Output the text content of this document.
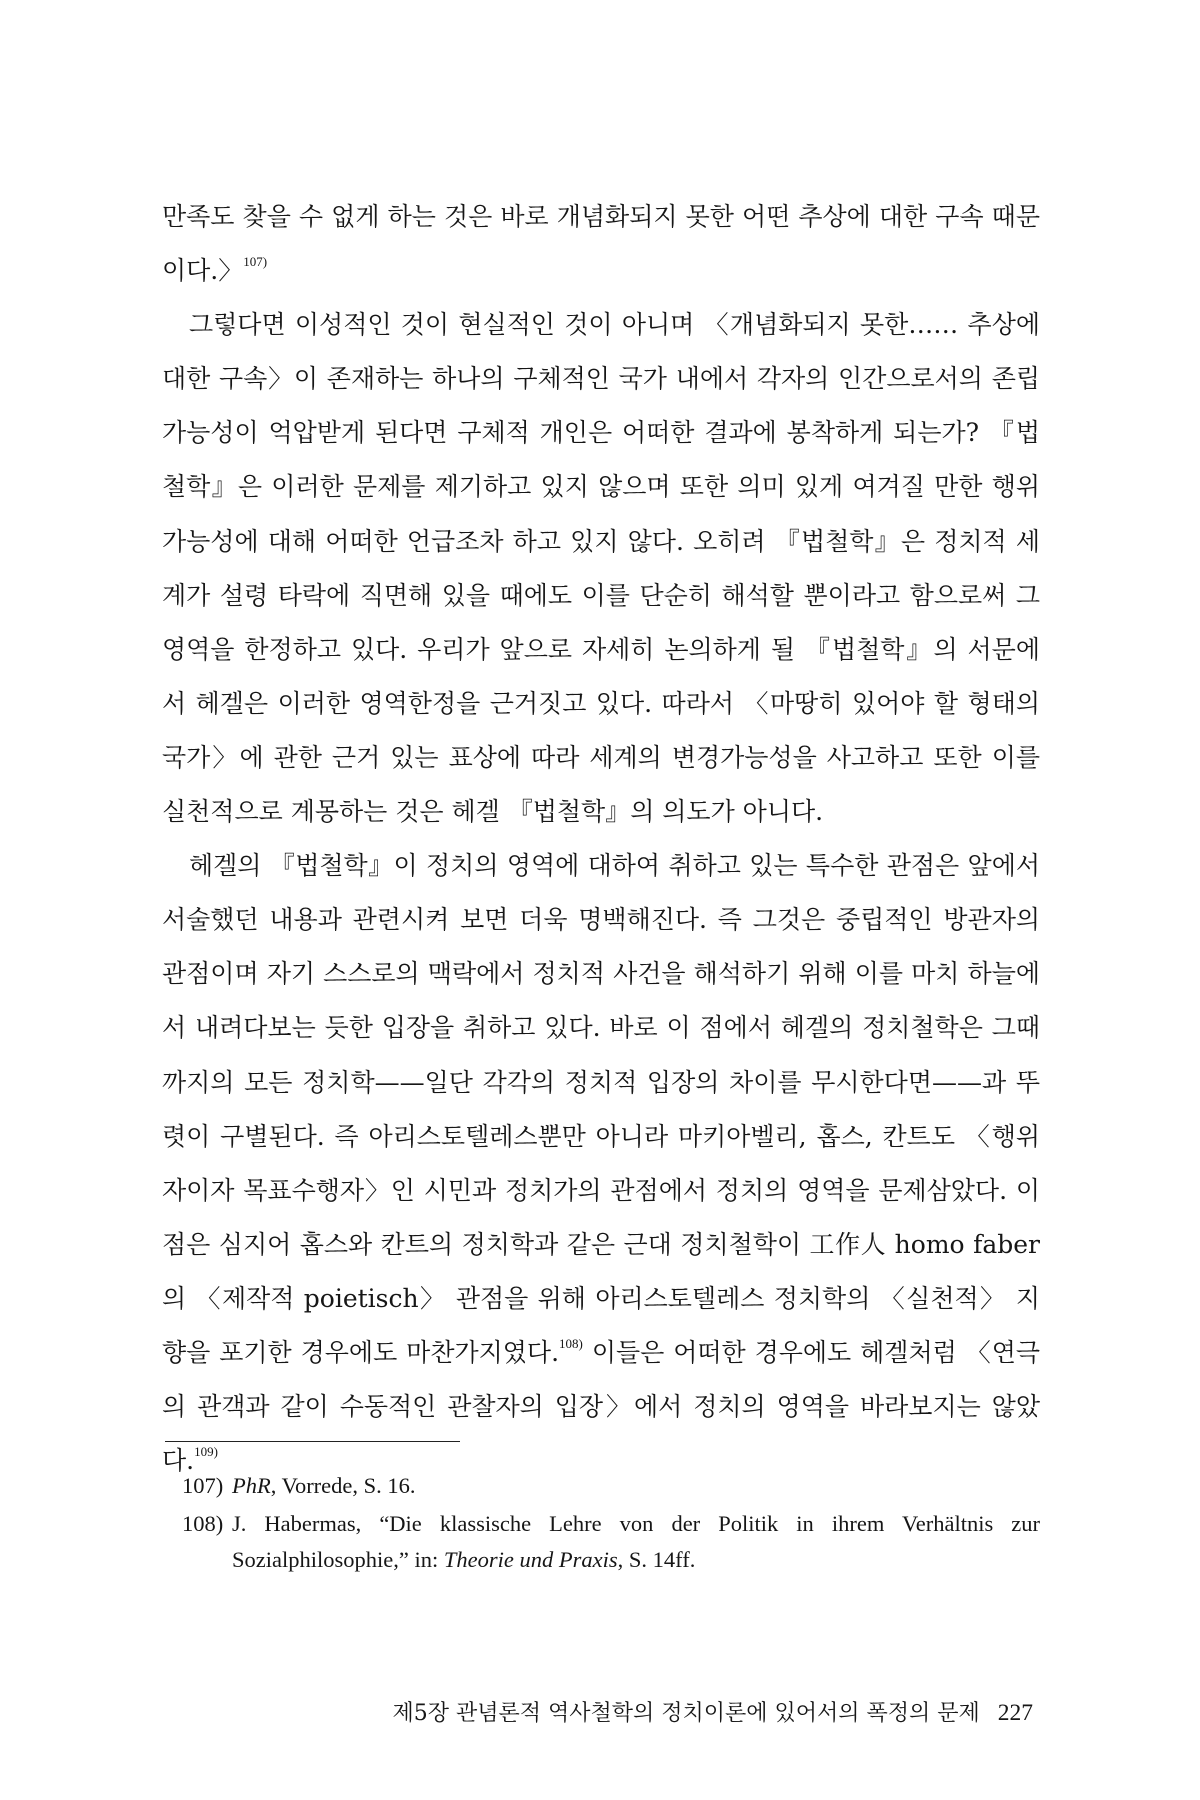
만족도 찾을 수 없게 하는 것은 바로 개념화되지 못한 어떤 추상에 대한 구속 때문이다.〉$^{107)}$

그렇다면 이성적인 것이 현실적인 것이 아니며 〈개념화되지 못한…… 추상에 대한 구속〉이 존재하는 하나의 구체적인 국가 내에서 각자의 인간으로서의 존립가능성이 억압받게 된다면 구체적 개인은 어떠한 결과에 봉착하게 되는가? 『법철학』은 이러한 문제를 제기하고 있지 않으며 또한 의미 있게 여겨질 만한 행위가능성에 대해 어떠한 언급조차 하고 있지 않다. 오히려 『법철학』은 정치적 세계가 설령 타락에 직면해 있을 때에도 이를 단순히 해석할 뿐이라고 함으로써 그 영역을 한정하고 있다. 우리가 앞으로 자세히 논의하게 될 『법철학』의 서문에서 헤겔은 이러한 영역한정을 근거짓고 있다. 따라서 〈마땅히 있어야 할 형태의 국가〉에 관한 근거 있는 표상에 따라 세계의 변경가능성을 사고하고 또한 이를 실천적으로 계몽하는 것은 헤겔 『법철학』의 의도가 아니다.

헤겔의 『법철학』이 정치의 영역에 대하여 취하고 있는 특수한 관점은 앞에서 서술했던 내용과 관련시켜 보면 더욱 명백해진다. 즉 그것은 중립적인 방관자의 관점이며 자기 스스로의 맥락에서 정치적 사건을 해석하기 위해 이를 마치 하늘에서 내려다보는 듯한 입장을 취하고 있다. 바로 이 점에서 헤겔의 정치철학은 그때까지의 모든 정치학——일단 각각의 정치적 입장의 차이를 무시한다면——과 뚜렷이 구별된다. 즉 아리스토텔레스뿐만 아니라 마키아벨리, 홉스, 칸트도 〈행위자이자 목표수행자〉인 시민과 정치가의 관점에서 정치의 영역을 문제삼았다. 이 점은 심지어 홉스와 칸트의 정치학과 같은 근대 정치철학이 工作人 homo faber의 〈제작적 poietisch〉 관점을 위해 아리스토텔레스 정치학의 〈실천적〉 지향을 포기한 경우에도 마찬가지였다.$^{108)}$ 이들은 어떠한 경우에도 헤겔처럼 〈연극의 관객과 같이 수동적인 관찰자의 입장〉에서 정치의 영역을 바라보지는 않았다.$^{109)}$

107) PhR, Vorrede, S. 16.
108) J. Habermas, “Die klassische Lehre von der Politik in ihrem Verhältnis zur Sozialphilosophie,” in: Theorie und Praxis, S. 14ff.
제5장 관념론적 역사철학의 정치이론에 있어서의 폭정의 문제 227
